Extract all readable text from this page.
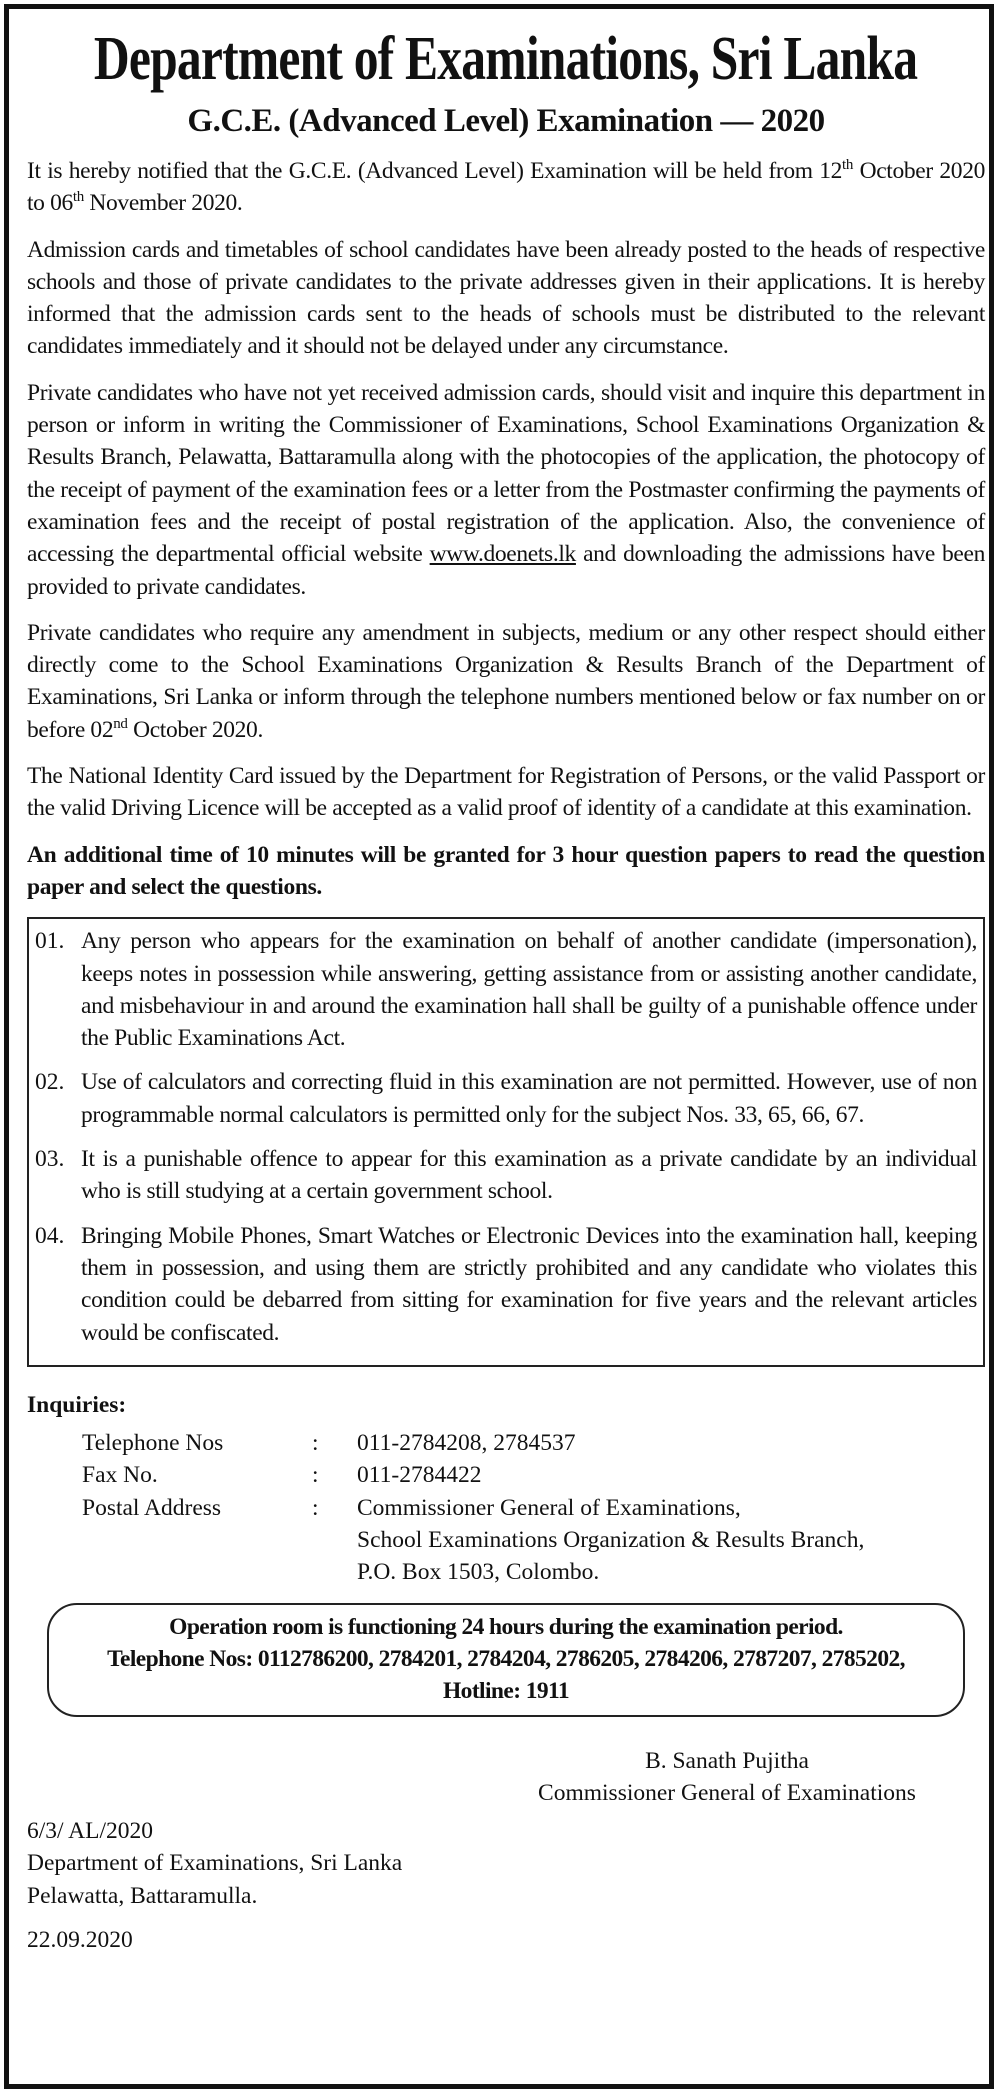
Department of Examinations, Sri Lanka
G.C.E. (Advanced Level) Examination — 2020

It is hereby notified that the G.C.E. (Advanced Level) Examination will be held from 12th October 2020 to 06th November 2020.

Admission cards and timetables of school candidates have been already posted to the heads of respective schools and those of private candidates to the private addresses given in their applications. It is hereby informed that the admission cards sent to the heads of schools must be distributed to the relevant candidates immediately and it should not be delayed under any circumstance.

Private candidates who have not yet received admission cards, should visit and inquire this department in person or inform in writing the Commissioner of Examinations, School Examinations Organization & Results Branch, Pelawatta, Battaramulla along with the photocopies of the application, the photocopy of the receipt of payment of the examination fees or a letter from the Postmaster confirming the payments of examination fees and the receipt of postal registration of the application. Also, the convenience of accessing the departmental official website www.doenets.lk and downloading the admissions have been provided to private candidates.

Private candidates who require any amendment in subjects, medium or any other respect should either directly come to the School Examinations Organization & Results Branch of the Department of Examinations, Sri Lanka or inform through the telephone numbers mentioned below or fax number on or before 02nd October 2020.

The National Identity Card issued by the Department for Registration of Persons, or the valid Passport or the valid Driving Licence will be accepted as a valid proof of identity of a candidate at this examination.

An additional time of 10 minutes will be granted for 3 hour question papers to read the question paper and select the questions.

01. Any person who appears for the examination on behalf of another candidate (impersonation), keeps notes in possession while answering, getting assistance from or assisting another candidate, and misbehaviour in and around the examination hall shall be guilty of a punishable offence under the Public Examinations Act.
02. Use of calculators and correcting fluid in this examination are not permitted. However, use of non programmable normal calculators is permitted only for the subject Nos. 33, 65, 66, 67.
03. It is a punishable offence to appear for this examination as a private candidate by an individual who is still studying at a certain government school.
04. Bringing Mobile Phones, Smart Watches or Electronic Devices into the examination hall, keeping them in possession, and using them are strictly prohibited and any candidate who violates this condition could be debarred from sitting for examination for five years and the relevant articles would be confiscated.
Inquiries:
Telephone Nos	:	011-2784208, 2784537
Fax No.	:	011-2784422
Postal Address	:	Commissioner General of Examinations,
School Examinations Organization & Results Branch,
P.O. Box 1503, Colombo.
Operation room is functioning 24 hours during the examination period.
Telephone Nos: 0112786200, 2784201, 2784204, 2786205, 2784206, 2787207, 2785202,
Hotline: 1911
B. Sanath Pujitha
Commissioner General of Examinations
6/3/ AL/2020
Department of Examinations, Sri Lanka
Pelawatta, Battaramulla.
22.09.2020
